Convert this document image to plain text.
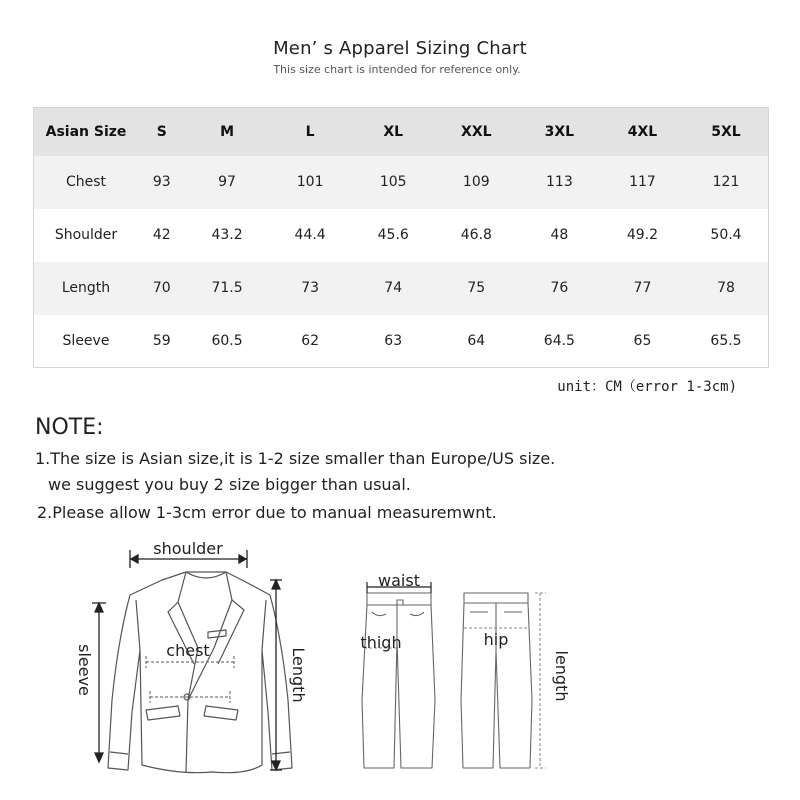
Men’ s Apparel Sizing Chart
This size chart is intended for reference only.
Asian Size	S	M	L	XL	XXL	3XL	4XL	5XL
Chest	93	97	101	105	109	113	117	121
Shoulder	42	43.2	44.4	45.6	46.8	48	49.2	50.4
Length	70	71.5	73	74	75	76	77	78
Sleeve	59	60.5	62	63	64	64.5	65	65.5
unit：CM（error 1-3cm)
NOTE:
1.The size is Asian size,it is 1-2 size smaller than Europe/US size.
we suggest you buy 2 size bigger than usual.
2.Please allow 1-3cm error due to manual measuremwnt.
shoulder
chest
sleeve	Length
waist
thigh	hip
length
